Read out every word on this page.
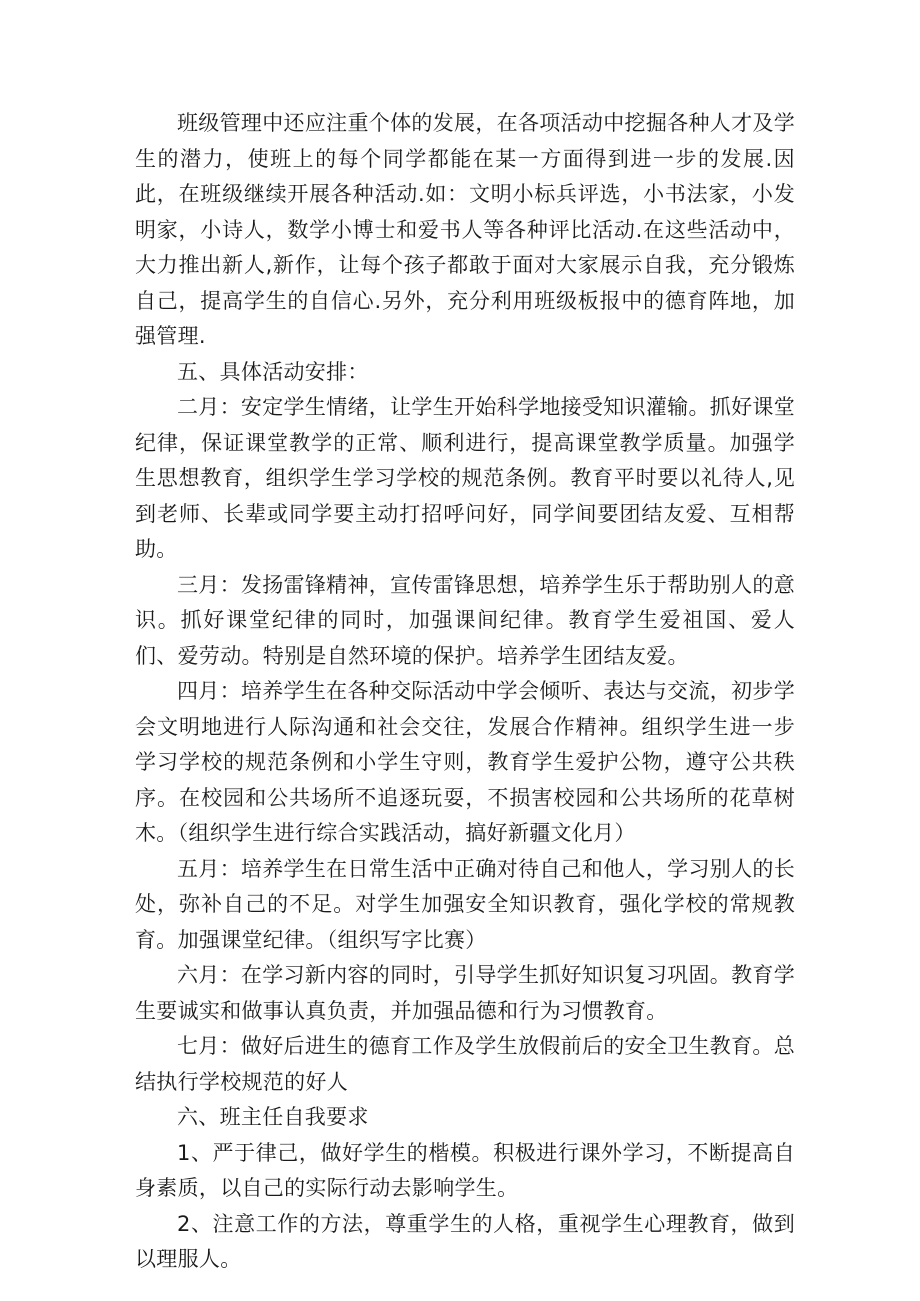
班级管理中还应注重个体的发展，在各项活动中挖掘各种人才及学生的潜力，使班上的每个同学都能在某一方面得到进一步的发展.因此，在班级继续开展各种活动.如：文明小标兵评选，小书法家，小发明家，小诗人，数学小博士和爱书人等各种评比活动.在这些活动中，大力推出新人,新作，让每个孩子都敢于面对大家展示自我，充分锻炼自己，提高学生的自信心.另外，充分利用班级板报中的德育阵地，加强管理.

五、具体活动安排：

二月：安定学生情绪，让学生开始科学地接受知识灌输。抓好课堂纪律，保证课堂教学的正常、顺利进行，提高课堂教学质量。加强学生思想教育，组织学生学习学校的规范条例。教育平时要以礼待人,见到老师、长辈或同学要主动打招呼问好，同学间要团结友爱、互相帮助。

三月：发扬雷锋精神，宣传雷锋思想，培养学生乐于帮助别人的意识。抓好课堂纪律的同时，加强课间纪律。教育学生爱祖国、爱人们、爱劳动。特别是自然环境的保护。培养学生团结友爱。

四月：培养学生在各种交际活动中学会倾听、表达与交流，初步学会文明地进行人际沟通和社会交往，发展合作精神。组织学生进一步学习学校的规范条例和小学生守则，教育学生爱护公物，遵守公共秩序。在校园和公共场所不追逐玩耍，不损害校园和公共场所的花草树木。（组织学生进行综合实践活动，搞好新疆文化月）

五月：培养学生在日常生活中正确对待自己和他人，学习别人的长处，弥补自己的不足。对学生加强安全知识教育，强化学校的常规教育。加强课堂纪律。（组织写字比赛）

六月：在学习新内容的同时，引导学生抓好知识复习巩固。教育学生要诚实和做事认真负责，并加强品德和行为习惯教育。

七月：做好后进生的德育工作及学生放假前后的安全卫生教育。总结执行学校规范的好人

六、班主任自我要求

1、严于律己，做好学生的楷模。积极进行课外学习，不断提高自身素质，以自己的实际行动去影响学生。

2、注意工作的方法，尊重学生的人格，重视学生心理教育，做到以理服人。
